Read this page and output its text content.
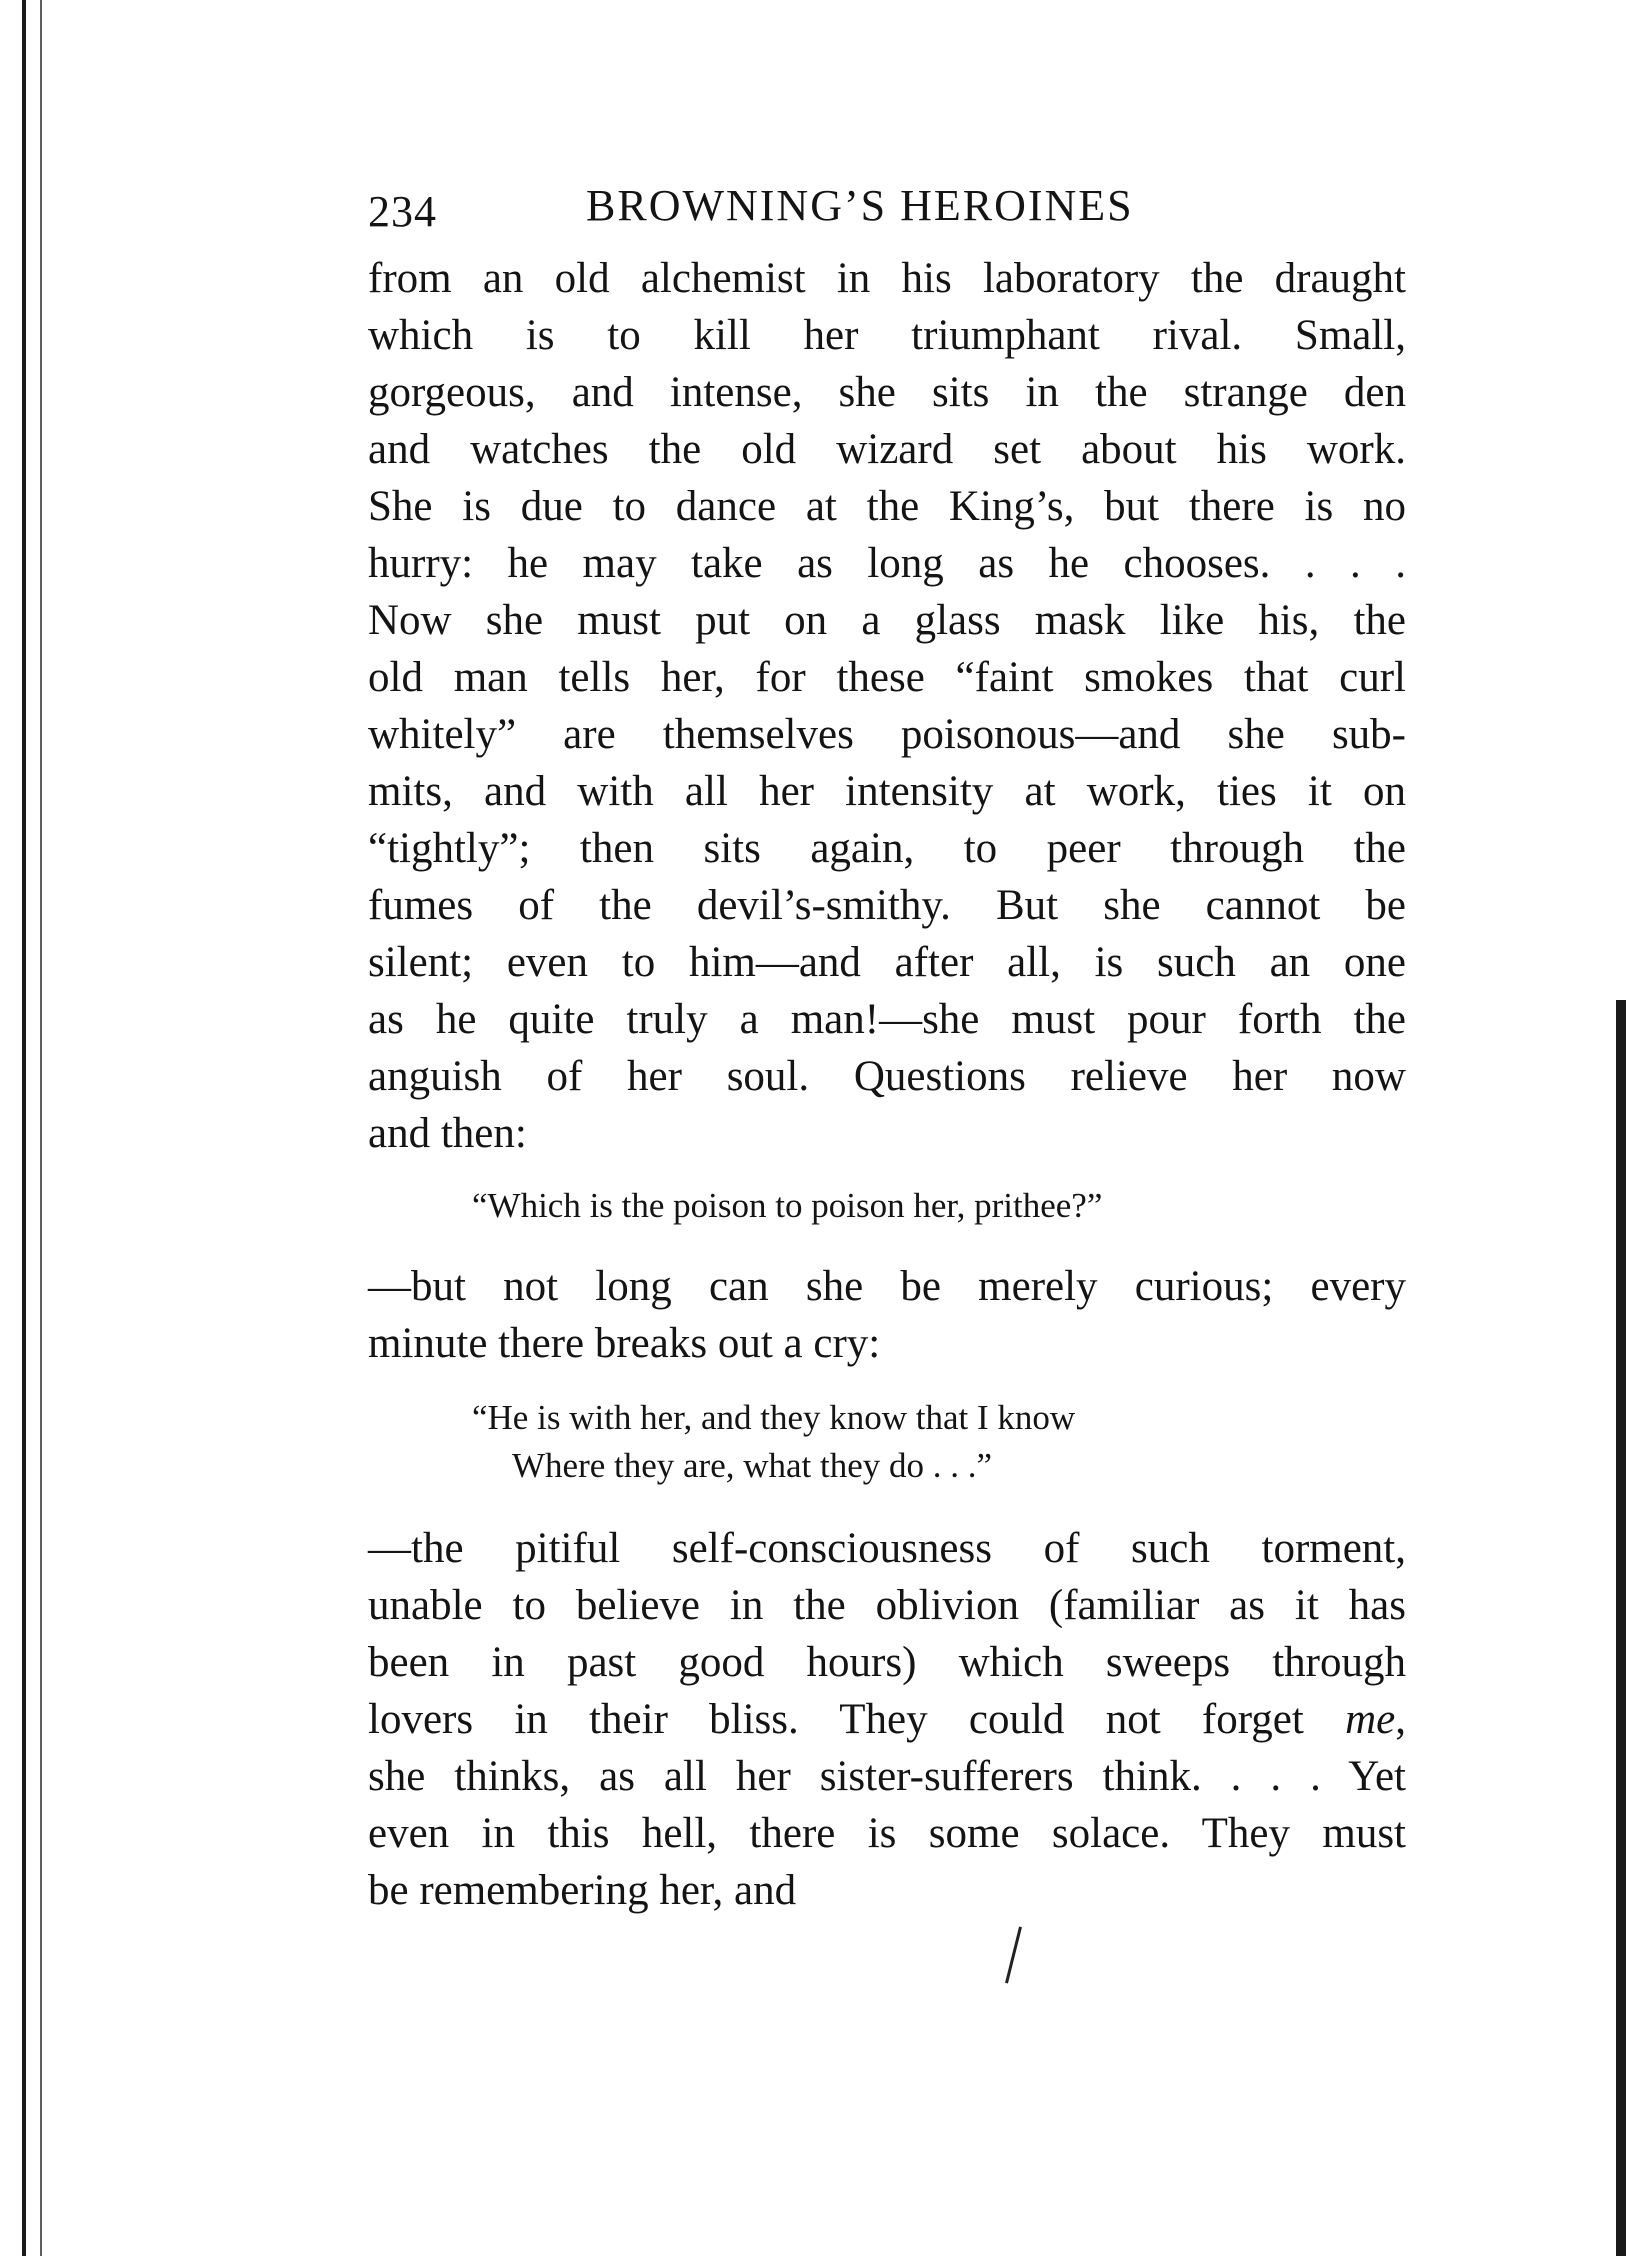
234	BROWNING’S HEROINES
from an old alchemist in his laboratory the draught
which is to kill her triumphant rival. Small,
gorgeous, and intense, she sits in the strange den
and watches the old wizard set about his work.
She is due to dance at the King’s, but there is no
hurry: he may take as long as he chooses. . . .
Now she must put on a glass mask like his, the
old man tells her, for these “faint smokes that curl
whitely” are themselves poisonous—and she sub-
mits, and with all her intensity at work, ties it on
“tightly”; then sits again, to peer through the
fumes of the devil’s-smithy. But she cannot be
silent; even to him—and after all, is such an one
as he quite truly a man!—she must pour forth the
anguish of her soul. Questions relieve her now
and then:
“Which is the poison to poison her, prithee?”
—but not long can she be merely curious; every
minute there breaks out a cry:
“He is with her, and they know that I know
Where they are, what they do . . .”
—the pitiful self-consciousness of such torment,
unable to believe in the oblivion (familiar as it has
been in past good hours) which sweeps through
lovers in their bliss. They could not forget me,
she thinks, as all her sister-sufferers think. . . . Yet
even in this hell, there is some solace. They must
be remembering her, and
